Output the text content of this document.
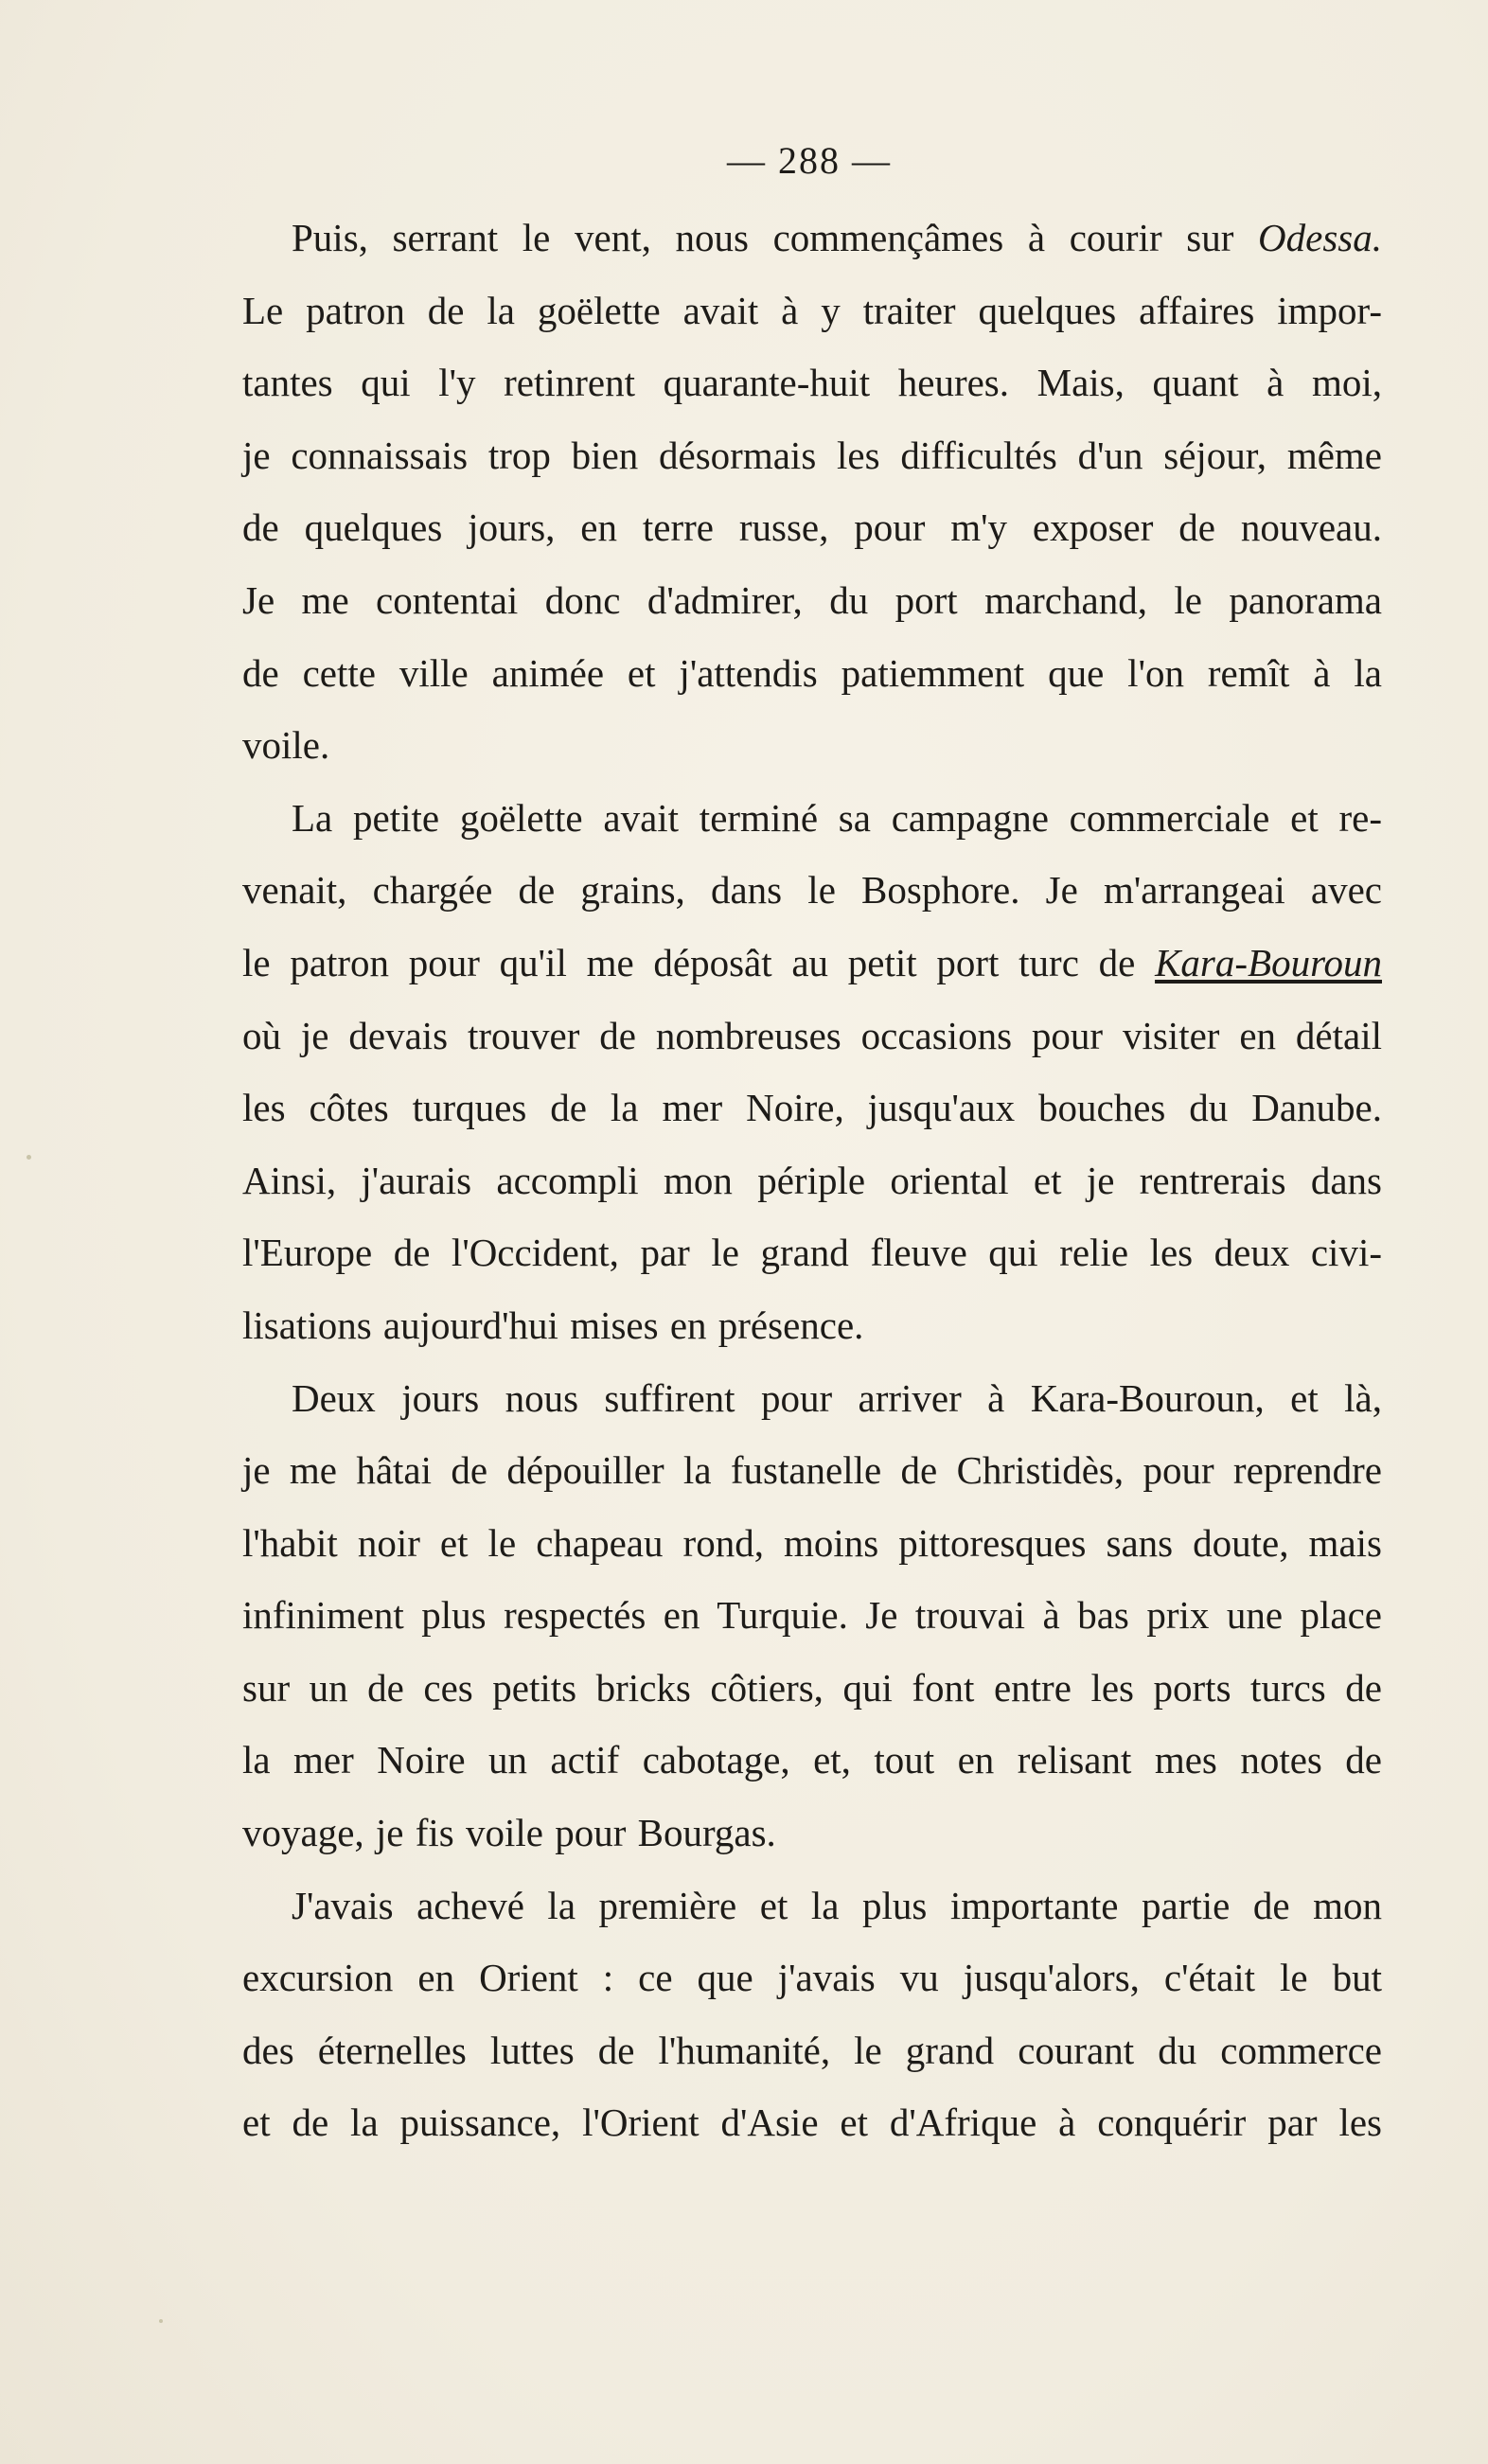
— 288 —

Puis, serrant le vent, nous commençâmes à courir sur Odessa.
Le patron de la goëlette avait à y traiter quelques affaires impor-
tantes qui l'y retinrent quarante-huit heures. Mais, quant à moi,
je connaissais trop bien désormais les difficultés d'un séjour, même
de quelques jours, en terre russe, pour m'y exposer de nouveau.
Je me contentai donc d'admirer, du port marchand, le panorama
de cette ville animée et j'attendis patiemment que l'on remît à la
voile.

La petite goëlette avait terminé sa campagne commerciale et re-
venait, chargée de grains, dans le Bosphore. Je m'arrangeai avec
le patron pour qu'il me déposât au petit port turc de Kara-Bouroun
où je devais trouver de nombreuses occasions pour visiter en détail
les côtes turques de la mer Noire, jusqu'aux bouches du Danube.
Ainsi, j'aurais accompli mon périple oriental et je rentrerais dans
l'Europe de l'Occident, par le grand fleuve qui relie les deux civi-
lisations aujourd'hui mises en présence.

Deux jours nous suffirent pour arriver à Kara-Bouroun, et là,
je me hâtai de dépouiller la fustanelle de Christidès, pour reprendre
l'habit noir et le chapeau rond, moins pittoresques sans doute, mais
infiniment plus respectés en Turquie. Je trouvai à bas prix une place
sur un de ces petits bricks côtiers, qui font entre les ports turcs de
la mer Noire un actif cabotage, et, tout en relisant mes notes de
voyage, je fis voile pour Bourgas.

J'avais achevé la première et la plus importante partie de mon
excursion en Orient : ce que j'avais vu jusqu'alors, c'était le but
des éternelles luttes de l'humanité, le grand courant du commerce
et de la puissance, l'Orient d'Asie et d'Afrique à conquérir par les
